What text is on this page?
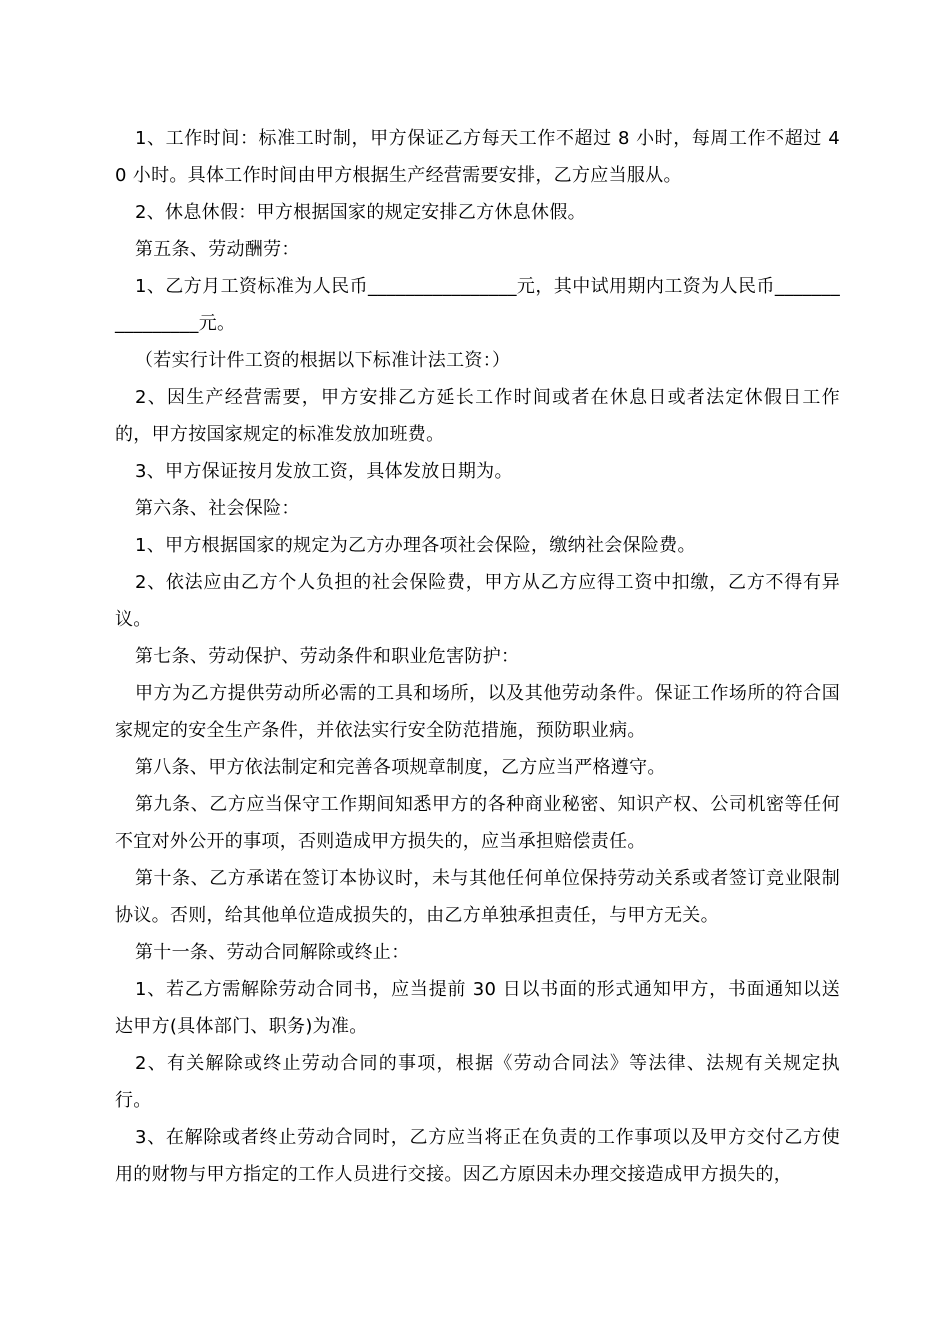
1、工作时间：标准工时制，甲方保证乙方每天工作不超过 8 小时，每周工作不超过 40 小时。具体工作时间由甲方根据生产经营需要安排，乙方应当服从。

2、休息休假：甲方根据国家的规定安排乙方休息休假。

第五条、劳动酬劳：

1、乙方月工资标准为人民币________________元，其中试用期内工资为人民币________________元。

（若实行计件工资的根据以下标准计法工资：）

2、因生产经营需要，甲方安排乙方延长工作时间或者在休息日或者法定休假日工作的，甲方按国家规定的标准发放加班费。

3、甲方保证按月发放工资，具体发放日期为。

第六条、社会保险：

1、甲方根据国家的规定为乙方办理各项社会保险，缴纳社会保险费。

2、依法应由乙方个人负担的社会保险费，甲方从乙方应得工资中扣缴，乙方不得有异议。

第七条、劳动保护、劳动条件和职业危害防护：

甲方为乙方提供劳动所必需的工具和场所，以及其他劳动条件。保证工作场所的符合国家规定的安全生产条件，并依法实行安全防范措施，预防职业病。

第八条、甲方依法制定和完善各项规章制度，乙方应当严格遵守。

第九条、乙方应当保守工作期间知悉甲方的各种商业秘密、知识产权、公司机密等任何不宜对外公开的事项，否则造成甲方损失的，应当承担赔偿责任。

第十条、乙方承诺在签订本协议时，未与其他任何单位保持劳动关系或者签订竞业限制协议。否则，给其他单位造成损失的，由乙方单独承担责任，与甲方无关。

第十一条、劳动合同解除或终止：

1、若乙方需解除劳动合同书，应当提前 30 日以书面的形式通知甲方，书面通知以送达甲方(具体部门、职务)为准。

2、有关解除或终止劳动合同的事项，根据《劳动合同法》等法律、法规有关规定执行。

3、在解除或者终止劳动合同时，乙方应当将正在负责的工作事项以及甲方交付乙方使用的财物与甲方指定的工作人员进行交接。因乙方原因未办理交接造成甲方损失的，
